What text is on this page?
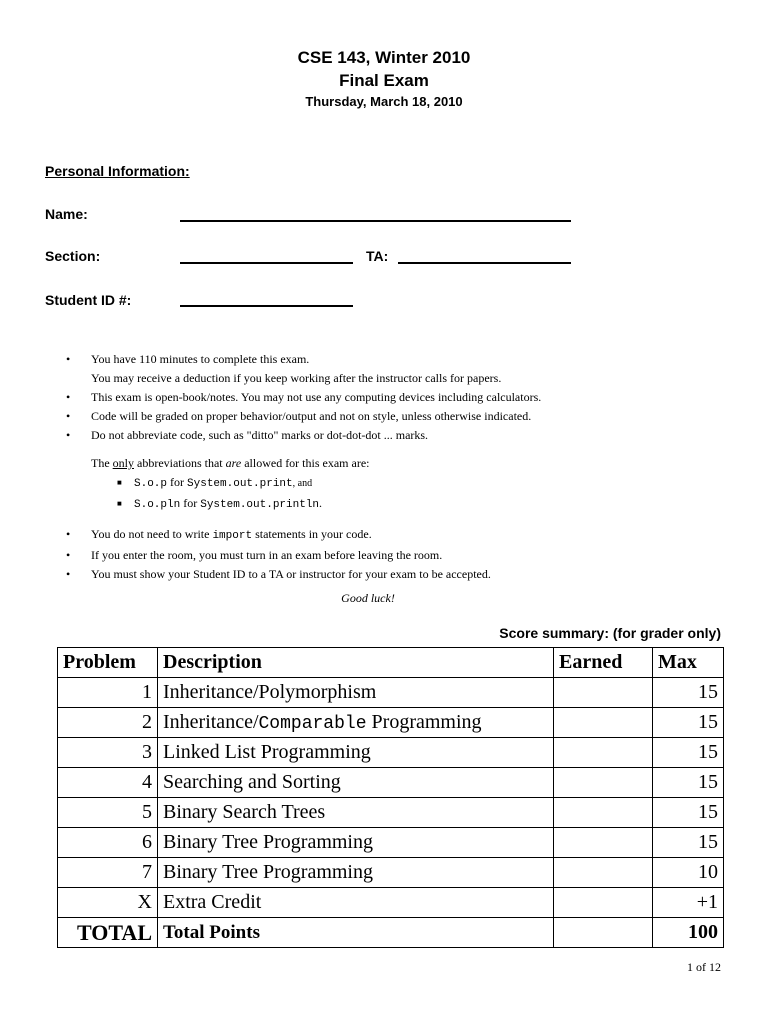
CSE 143, Winter 2010
Final Exam
Thursday, March 18, 2010
Personal Information:
Name:
Section:	TA:
Student ID #:
• You have 110 minutes to complete this exam.
You may receive a deduction if you keep working after the instructor calls for papers.
• This exam is open-book/notes. You may not use any computing devices including calculators.
• Code will be graded on proper behavior/output and not on style, unless otherwise indicated.
• Do not abbreviate code, such as "ditto" marks or dot-dot-dot ... marks.
The only abbreviations that are allowed for this exam are:
■ S.o.p for System.out.print, and
■ S.o.pln for System.out.println.
• You do not need to write import statements in your code.
• If you enter the room, you must turn in an exam before leaving the room.
• You must show your Student ID to a TA or instructor for your exam to be accepted.
Good luck!
Score summary: (for grader only)
Problem	Description	Earned	Max
1	Inheritance/Polymorphism		15
2	Inheritance/Comparable Programming		15
3	Linked List Programming		15
4	Searching and Sorting		15
5	Binary Search Trees		15
6	Binary Tree Programming		15
7	Binary Tree Programming		10
X	Extra Credit		+1
TOTAL	Total Points		100
1 of 12
